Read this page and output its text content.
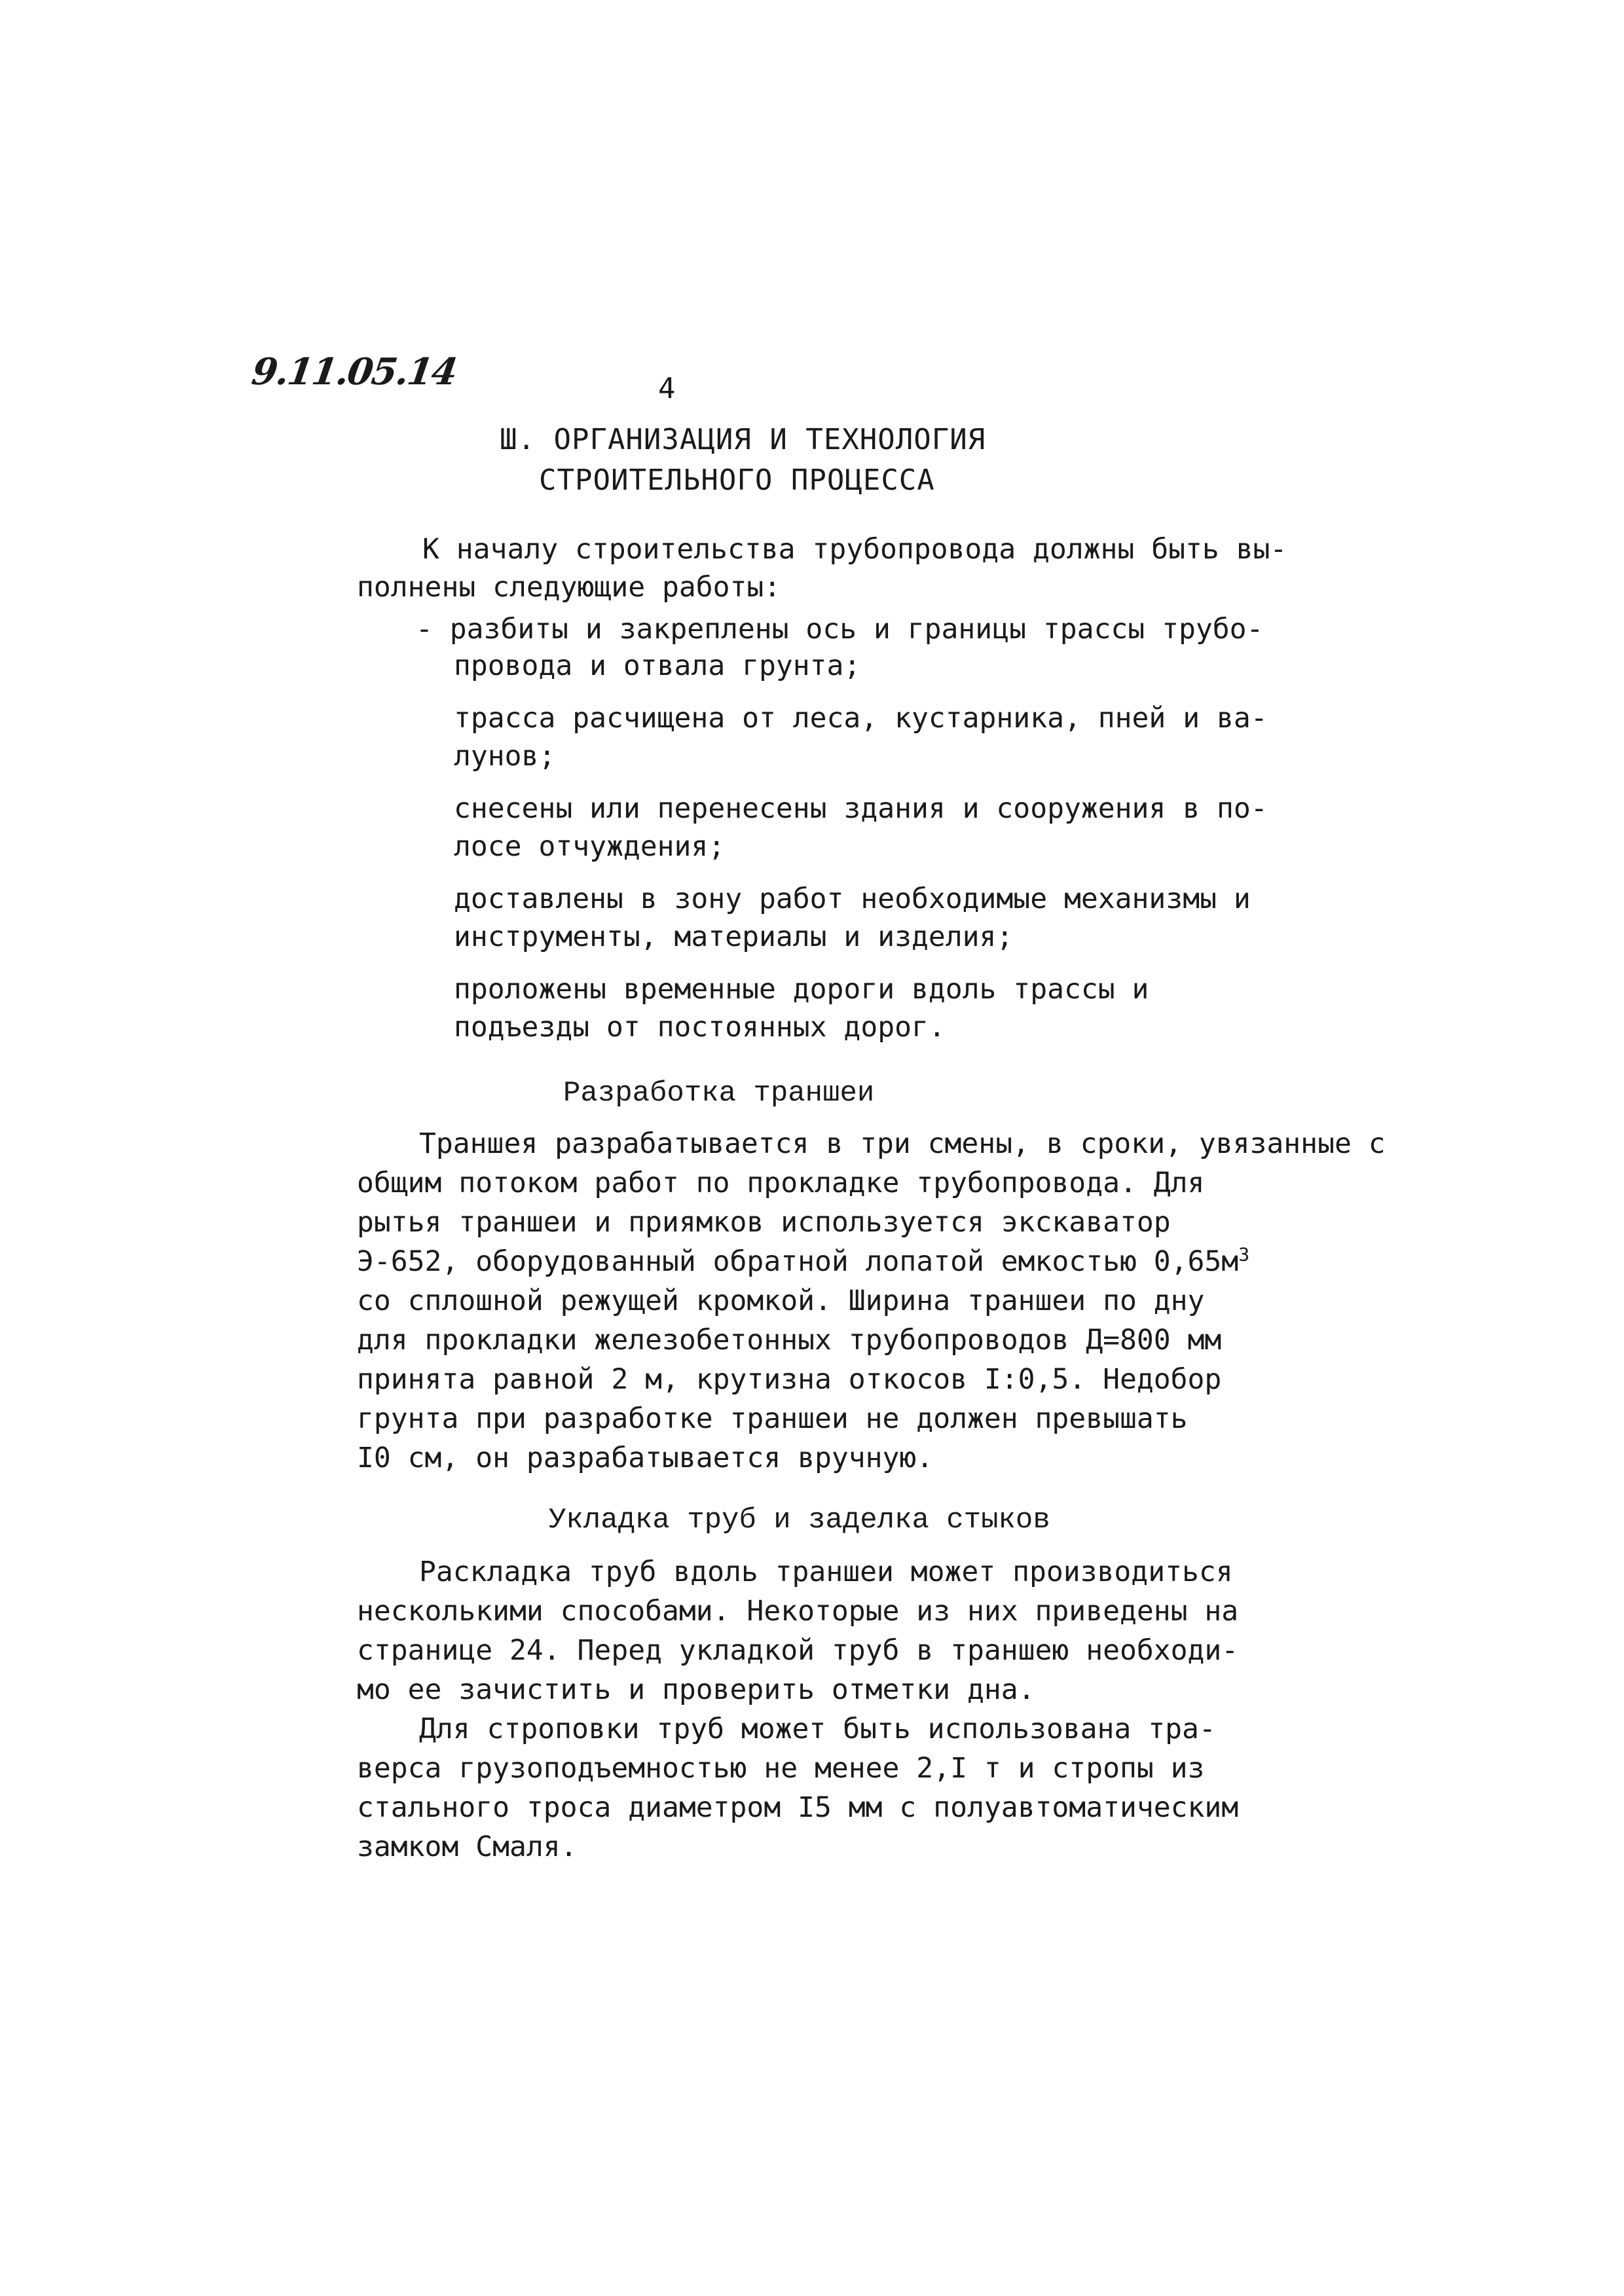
9.11.05.14	4
Ш. ОРГАНИЗАЦИЯ И ТЕХНОЛОГИЯ
СТРОИТЕЛЬНОГО ПРОЦЕССА
К началу строительства трубопровода должны быть вы-
полнены следующие работы:
- разбиты и закреплены ось и границы трассы трубо-
провода и отвала грунта;
трасса расчищена от леса, кустарника, пней и ва-
лунов;
снесены или перенесены здания и сооружения в по-
лосе отчуждения;
доставлены в зону работ необходимые механизмы и
инструменты, материалы и изделия;
проложены временные дороги вдоль трассы и
подъезды от постоянных дорог.
Разработка траншеи
Траншея разрабатывается в три смены, в сроки, увязанные с
общим потоком работ по прокладке трубопровода. Для
рытья траншеи и приямков используется экскаватор
Э-652, оборудованный обратной лопатой емкостью $0,65м^3$
со сплошной режущей кромкой. Ширина траншеи по дну
для прокладки железобетонных трубопроводов Д=800 мм
принята равной 2 м, крутизна откосов I:0,5. Недобор
грунта при разработке траншеи не должен превышать
I0 см, он разрабатывается вручную.
Укладка труб и заделка стыков
Раскладка труб вдоль траншеи может производиться
несколькими способами. Некоторые из них приведены на
странице 24. Перед укладкой труб в траншею необходи-
мо ее зачистить и проверить отметки дна.
Для строповки труб может быть использована тра-
верса грузоподъемностью не менее 2,I т и стропы из
стального троса диаметром I5 мм с полуавтоматическим
замком Смаля.
